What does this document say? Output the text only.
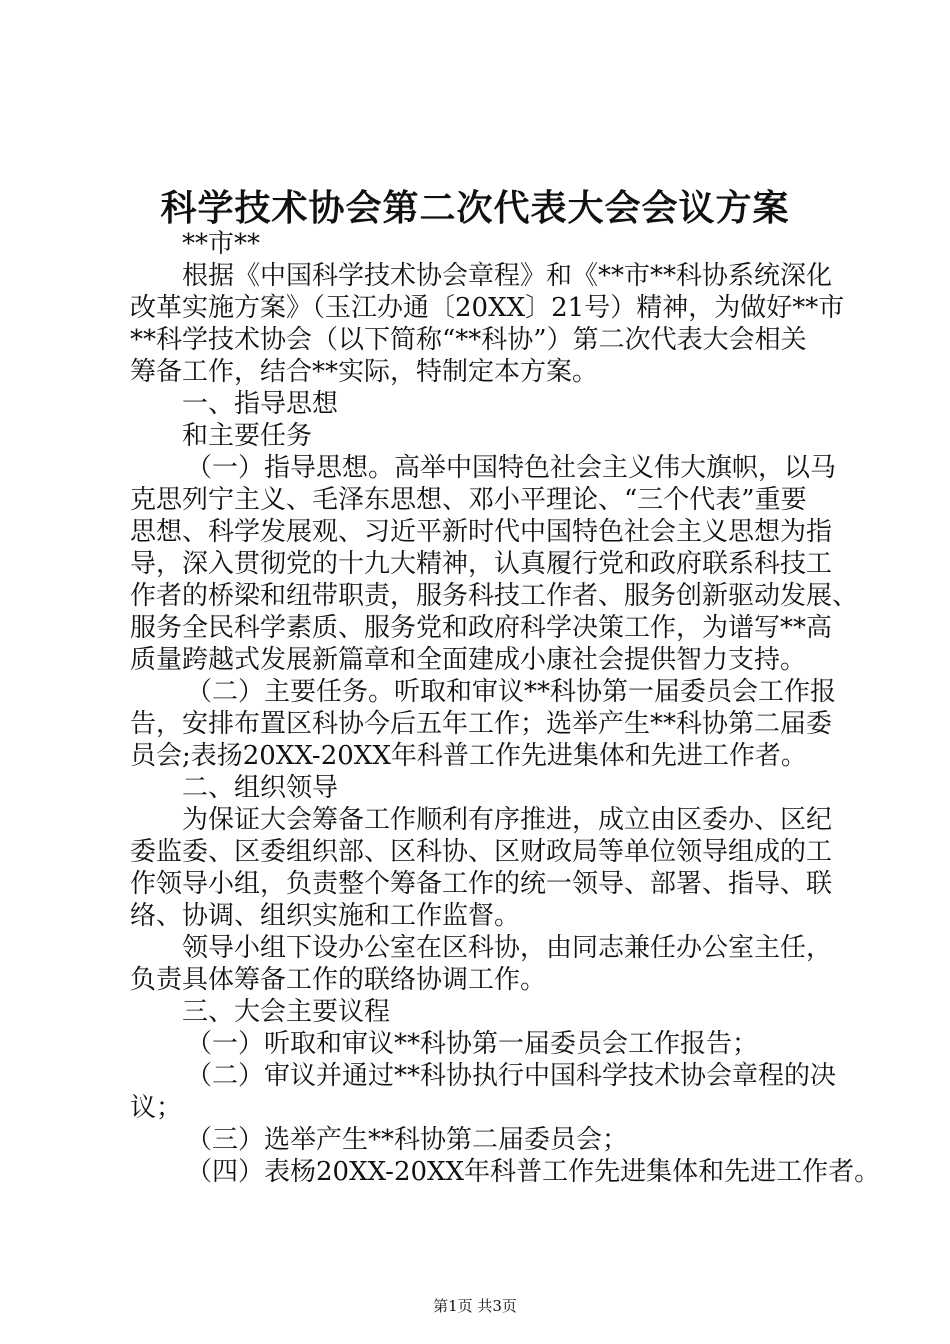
科学技术协会第二次代表大会会议方案
**市**
根据《中国科学技术协会章程》和《**市**科协系统深化
改革实施方案》（玉江办通〔20XX〕21号）精神，为做好**市
**科学技术协会（以下简称“**科协”）第二次代表大会相关
筹备工作，结合**实际，特制定本方案。
一、指导思想
和主要任务
（一）指导思想。高举中国特色社会主义伟大旗帜，以马
克思列宁主义、毛泽东思想、邓小平理论、“三个代表”重要
思想、科学发展观、习近平新时代中国特色社会主义思想为指
导，深入贯彻党的十九大精神，认真履行党和政府联系科技工
作者的桥梁和纽带职责，服务科技工作者、服务创新驱动发展、
服务全民科学素质、服务党和政府科学决策工作，为谱写**高
质量跨越式发展新篇章和全面建成小康社会提供智力支持。
（二）主要任务。听取和审议**科协第一届委员会工作报
告，安排布置区科协今后五年工作；选举产生**科协第二届委
员会;表扬20XX-20XX年科普工作先进集体和先进工作者。
二、组织领导
为保证大会筹备工作顺利有序推进，成立由区委办、区纪
委监委、区委组织部、区科协、区财政局等单位领导组成的工
作领导小组，负责整个筹备工作的统一领导、部署、指导、联
络、协调、组织实施和工作监督。
领导小组下设办公室在区科协，由同志兼任办公室主任，
负责具体筹备工作的联络协调工作。
三、大会主要议程
（一）听取和审议**科协第一届委员会工作报告；
（二）审议并通过**科协执行中国科学技术协会章程的决
议；
（三）选举产生**科协第二届委员会；
（四）表杨20XX-20XX年科普工作先进集体和先进工作者。
第1页 共3页
